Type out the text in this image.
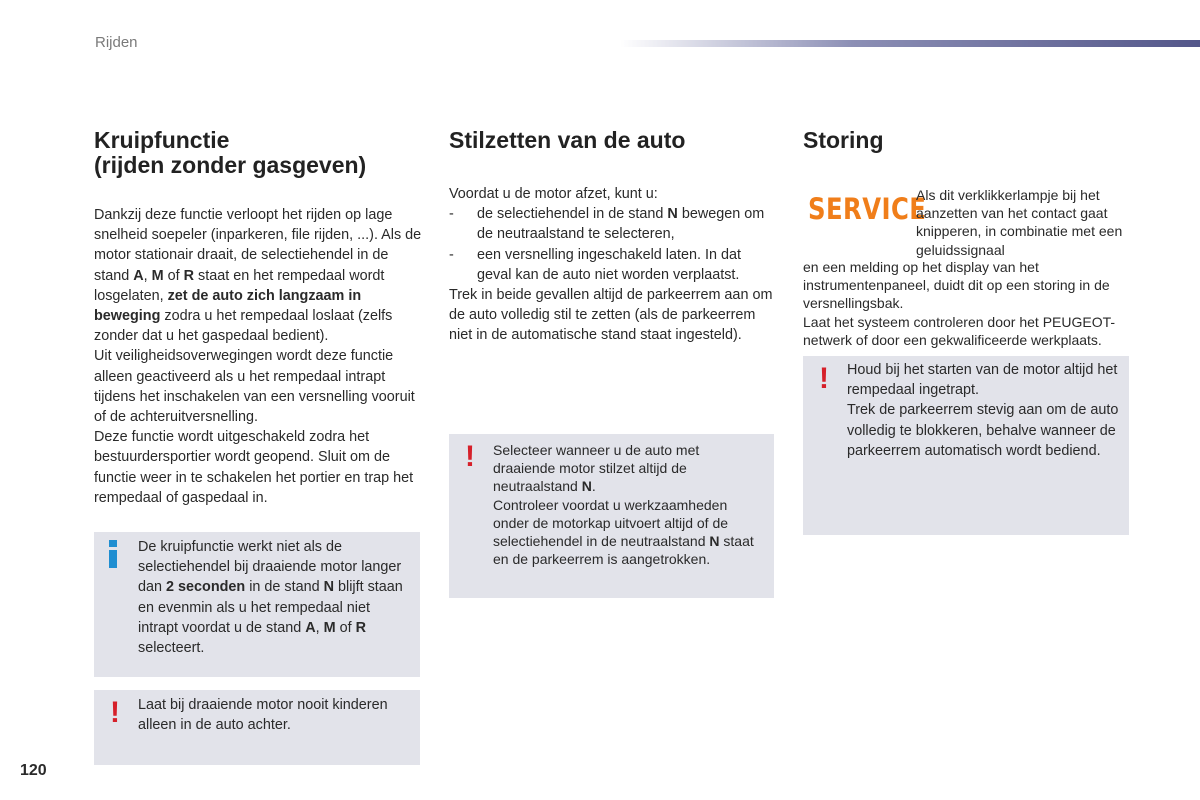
Rijden
Kruipfunctie
(rijden zonder gasgeven)

Dankzij deze functie verloopt het rijden op lage snelheid soepeler (inparkeren, file rijden, ...). Als de motor stationair draait, de selectiehendel in de stand A, M of R staat en het rempedaal wordt losgelaten, zet de auto zich langzaam in beweging zodra u het rempedaal loslaat (zelfs zonder dat u het gaspedaal bedient).

Uit veiligheidsoverwegingen wordt deze functie alleen geactiveerd als u het rempedaal intrapt tijdens het inschakelen van een versnelling vooruit of de achteruitversnelling.

Deze functie wordt uitgeschakeld zodra het bestuurdersportier wordt geopend. Sluit om de functie weer in te schakelen het portier en trap het rempedaal of gaspedaal in.

De kruipfunctie werkt niet als de selectiehendel bij draaiende motor langer dan 2 seconden in de stand N blijft staan en evenmin als u het rempedaal niet intrapt voordat u de stand A, M of R selecteert.
! Laat bij draaiende motor nooit kinderen alleen in de auto achter.
Stilzetten van de auto

Voordat u de motor afzet, kunt u:

- de selectiehendel in de stand N bewegen om de neutraalstand te selecteren,

- een versnelling ingeschakeld laten. In dat geval kan de auto niet worden verplaatst.

Trek in beide gevallen altijd de parkeerrem aan om de auto volledig stil te zetten (als de parkeerrem niet in de automatische stand staat ingesteld).

! Selecteer wanneer u de auto met draaiende motor stilzet altijd de neutraalstand N.
Controleer voordat u werkzaamheden onder de motorkap uitvoert altijd of de selectiehendel in de neutraalstand N staat en de parkeerrem is aangetrokken.
Storing
SERVICE
Als dit verklikkerlampje bij het aanzetten van het contact gaat knipperen, in combinatie met een geluidssignaal
en een melding op het display van het instrumentenpaneel, duidt dit op een storing in de versnellingsbak.
Laat het systeem controleren door het PEUGEOT-netwerk of door een gekwalificeerde werkplaats.
! Houd bij het starten van de motor altijd het rempedaal ingetrapt.

Trek de parkeerrem stevig aan om de auto volledig te blokkeren, behalve wanneer de parkeerrem automatisch wordt bediend.

120
